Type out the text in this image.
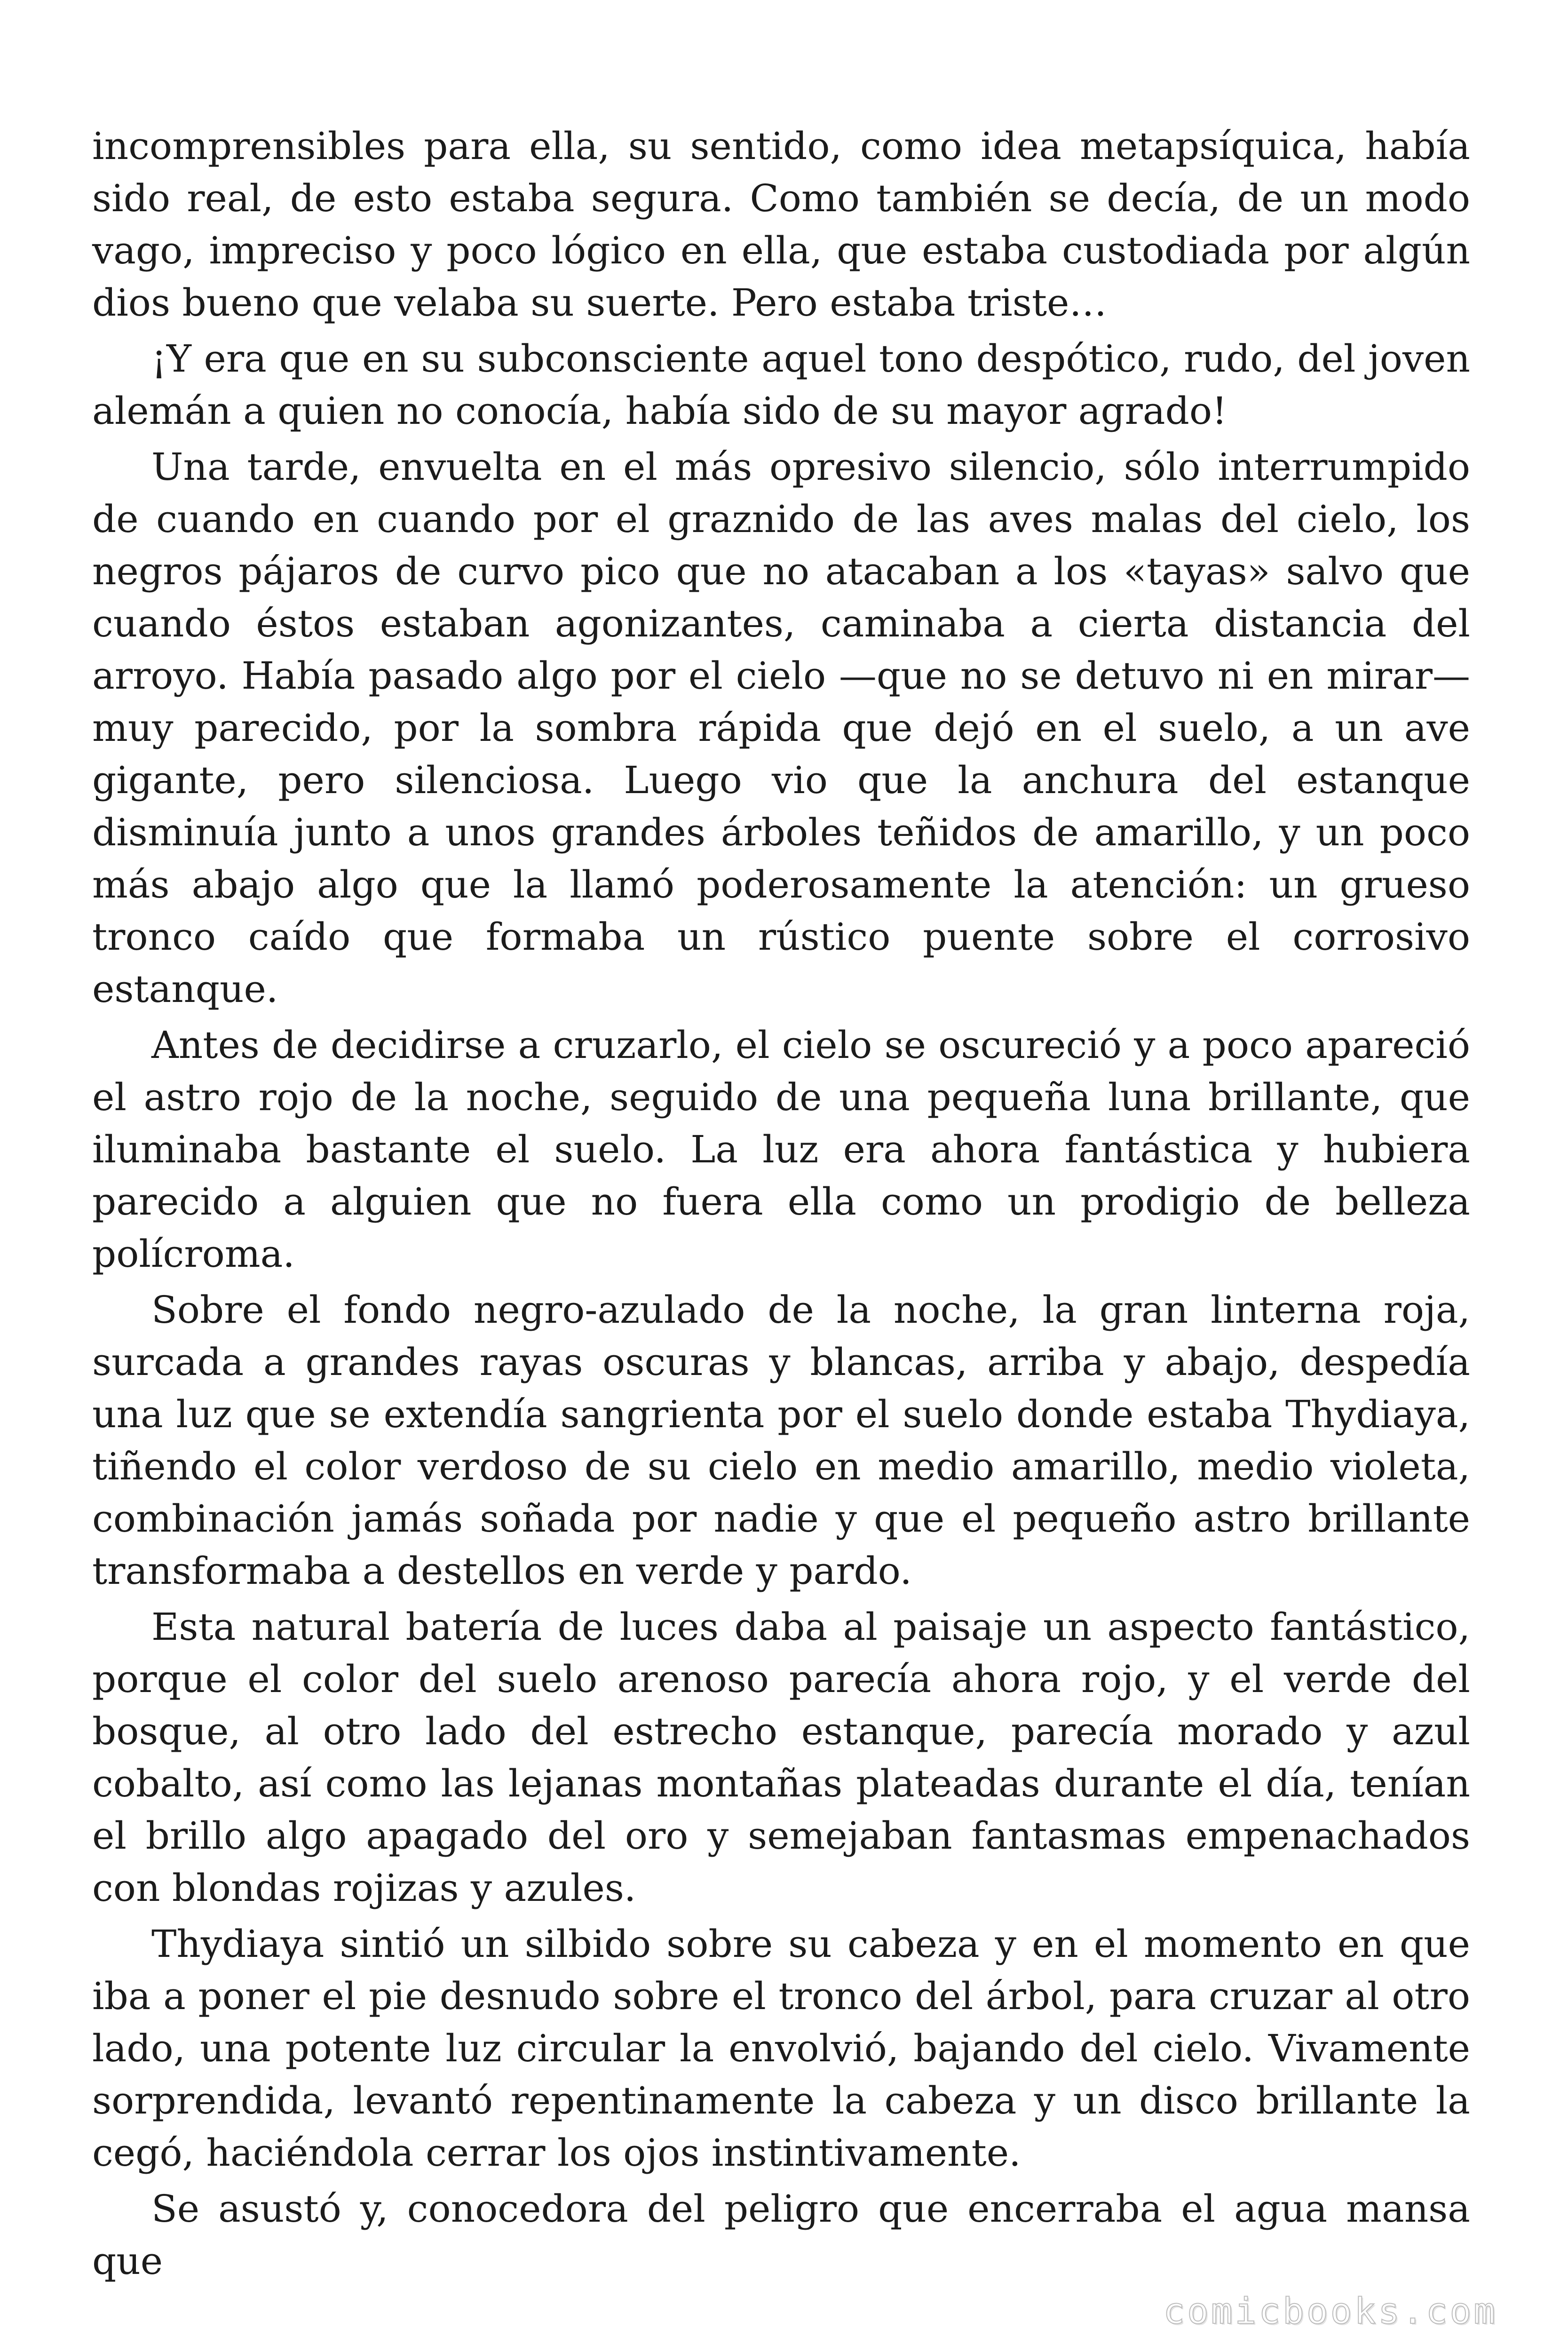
incomprensibles para ella, su sentido, como idea metapsíquica, había sido real, de esto estaba segura. Como también se decía, de un modo vago, impreciso y poco lógico en ella, que estaba custodiada por algún dios bueno que velaba su suerte. Pero estaba triste…

¡Y era que en su subconsciente aquel tono despótico, rudo, del joven alemán a quien no conocía, había sido de su mayor agrado!

Una tarde, envuelta en el más opresivo silencio, sólo interrumpido de cuando en cuando por el graznido de las aves malas del cielo, los negros pájaros de curvo pico que no atacaban a los «tayas» salvo que cuando éstos estaban agonizantes, caminaba a cierta distancia del arroyo. Había pasado algo por el cielo —que no se detuvo ni en mirar— muy parecido, por la sombra rápida que dejó en el suelo, a un ave gigante, pero silenciosa. Luego vio que la anchura del estanque disminuía junto a unos grandes árboles teñidos de amarillo, y un poco más abajo algo que la llamó poderosamente la atención: un grueso tronco caído que formaba un rústico puente sobre el corrosivo estanque.

Antes de decidirse a cruzarlo, el cielo se oscureció y a poco apareció el astro rojo de la noche, seguido de una pequeña luna brillante, que iluminaba bastante el suelo. La luz era ahora fantástica y hubiera parecido a alguien que no fuera ella como un prodigio de belleza polícroma.

Sobre el fondo negro-azulado de la noche, la gran linterna roja, surcada a grandes rayas oscuras y blancas, arriba y abajo, despedía una luz que se extendía sangrienta por el suelo donde estaba Thydiaya, tiñendo el color verdoso de su cielo en medio amarillo, medio violeta, combinación jamás soñada por nadie y que el pequeño astro brillante transformaba a destellos en verde y pardo.

Esta natural batería de luces daba al paisaje un aspecto fantástico, porque el color del suelo arenoso parecía ahora rojo, y el verde del bosque, al otro lado del estrecho estanque, parecía morado y azul cobalto, así como las lejanas montañas plateadas durante el día, tenían el brillo algo apagado del oro y semejaban fantasmas empenachados con blondas rojizas y azules.

Thydiaya sintió un silbido sobre su cabeza y en el momento en que iba a poner el pie desnudo sobre el tronco del árbol, para cruzar al otro lado, una potente luz circular la envolvió, bajando del cielo. Vivamente sorprendida, levantó repentinamente la cabeza y un disco brillante la cegó, haciéndola cerrar los ojos instintivamente.

Se asustó y, conocedora del peligro que encerraba el agua mansa que

comicbooks.com
